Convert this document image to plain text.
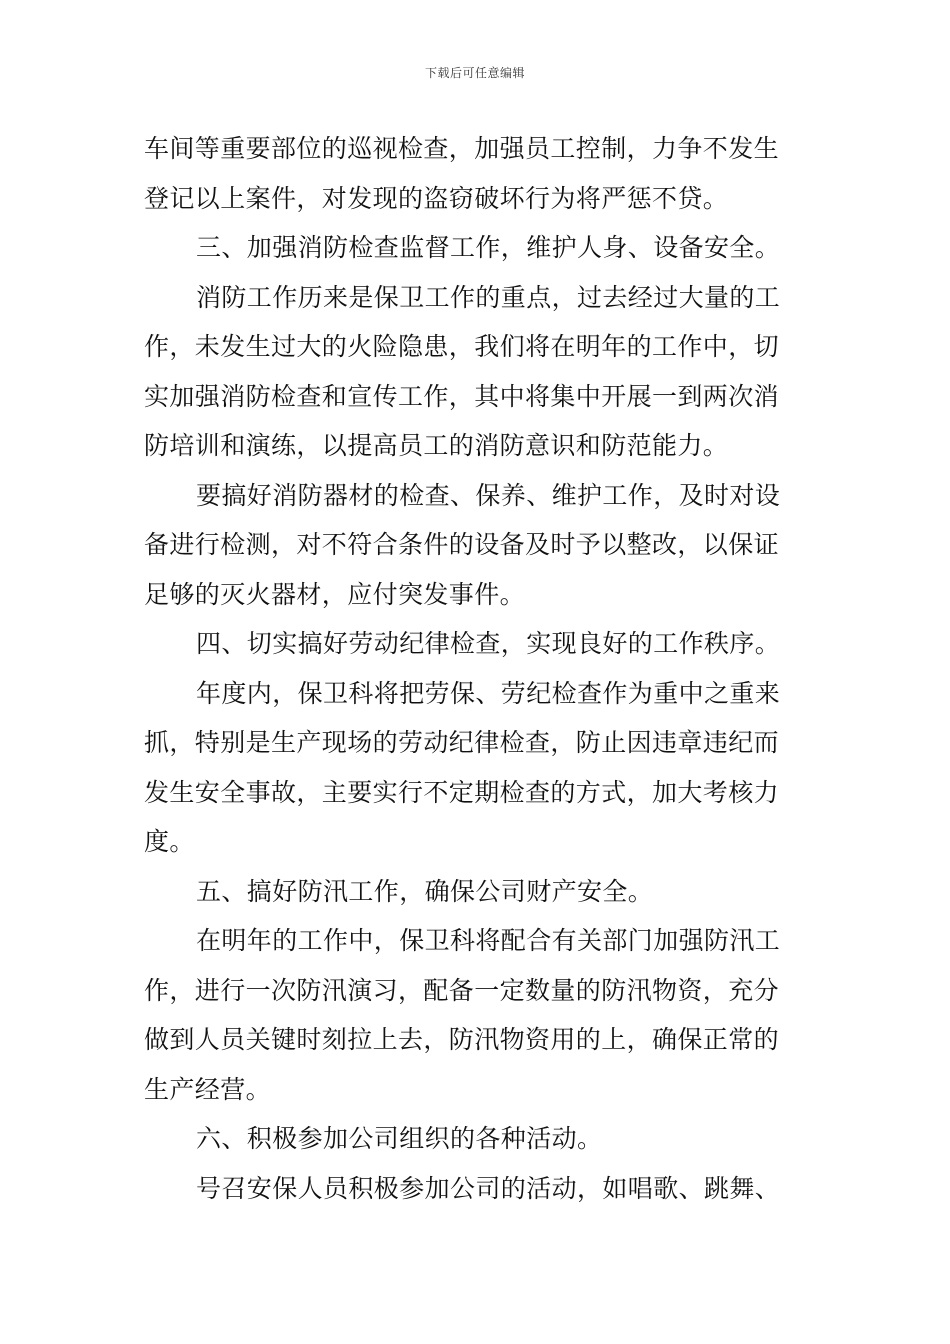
下载后可任意编辑
车间等重要部位的巡视检查，加强员工控制，力争不发生
登记以上案件，对发现的盗窃破坏行为将严惩不贷。
三、加强消防检查监督工作，维护人身、设备安全。
消防工作历来是保卫工作的重点，过去经过大量的工
作，未发生过大的火险隐患，我们将在明年的工作中，切
实加强消防检查和宣传工作，其中将集中开展一到两次消
防培训和演练，以提高员工的消防意识和防范能力。
要搞好消防器材的检查、保养、维护工作，及时对设
备进行检测，对不符合条件的设备及时予以整改，以保证
足够的灭火器材，应付突发事件。
四、切实搞好劳动纪律检查，实现良好的工作秩序。
年度内，保卫科将把劳保、劳纪检查作为重中之重来
抓，特别是生产现场的劳动纪律检查，防止因违章违纪而
发生安全事故，主要实行不定期检查的方式，加大考核力
度。
五、搞好防汛工作，确保公司财产安全。
在明年的工作中，保卫科将配合有关部门加强防汛工
作，进行一次防汛演习，配备一定数量的防汛物资，充分
做到人员关键时刻拉上去，防汛物资用的上，确保正常的
生产经营。
六、积极参加公司组织的各种活动。
号召安保人员积极参加公司的活动，如唱歌、跳舞、
